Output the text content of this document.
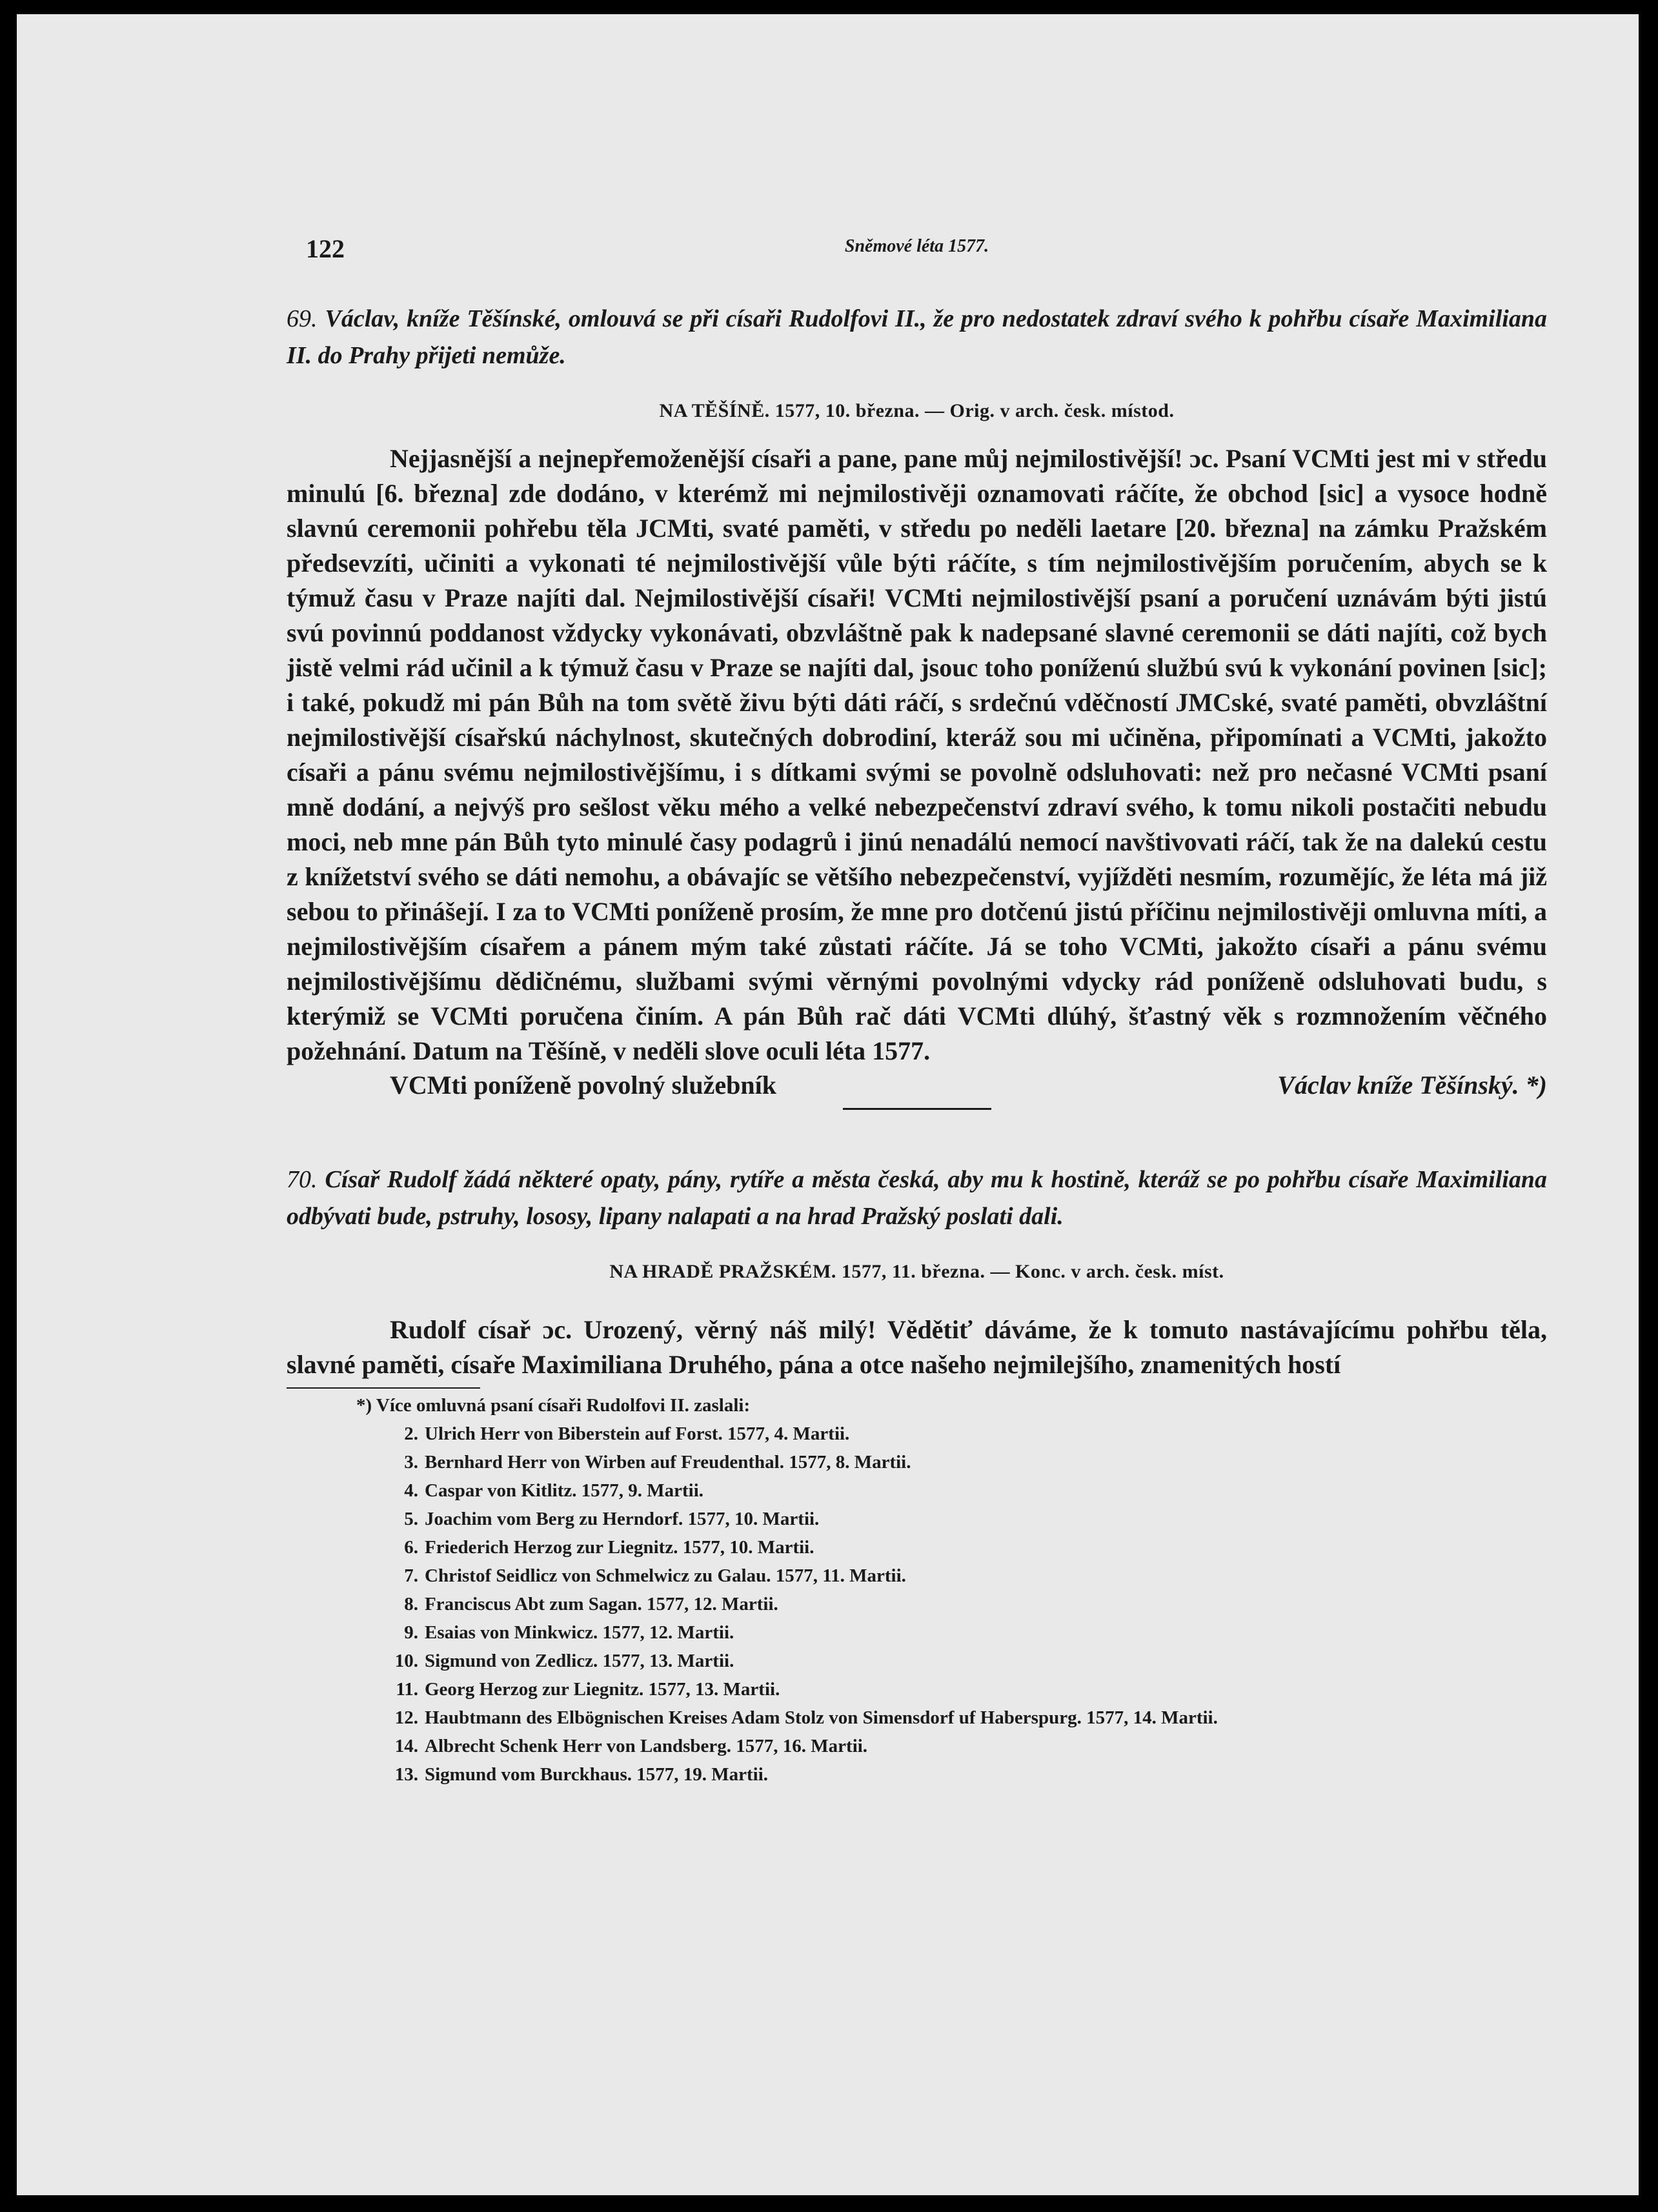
122	Sněmové léta 1577.
69. Václav, kníže Těšínské, omlouvá se při císaři Rudolfovi II., že pro nedostatek zdraví svého k pohřbu císaře Maximiliana II. do Prahy přijeti nemůže.
NA TĚŠÍNĚ. 1577, 10. března. — Orig. v arch. česk. místod.

Nejjasnější a nejnepřemoženější císaři a pane, pane můj nejmilostivější! ɔc. Psaní VCMti jest mi v středu minulú [6. března] zde dodáno, v kterémž mi nejmilostivěji oznamovati ráčíte, že obchod [sic] a vysoce hodně slavnú ceremonii pohřebu těla JCMti, svaté paměti, v středu po neděli laetare [20. března] na zámku Pražském předsevzíti, učiniti a vykonati té nejmilostivější vůle býti ráčíte, s tím nejmilostivějším poručením, abych se k týmuž času v Praze najíti dal. Nejmilostivější císaři! VCMti nejmilostivější psaní a poručení uznávám býti jistú svú povinnú poddanost vždycky vykonávati, obzvláštně pak k nadepsané slavné ceremonii se dáti najíti, což bych jistě velmi rád učinil a k týmuž času v Praze se najíti dal, jsouc toho poníženú službú svú k vykonání povinen [sic]; i také, pokudž mi pán Bůh na tom světě živu býti dáti ráčí, s srdečnú vděčností JMCské, svaté paměti, obvzláštní nejmilostivější císařskú náchylnost, skutečných dobrodiní, kteráž sou mi učiněna, připomínati a VCMti, jakožto císaři a pánu svému nejmilostivějšímu, i s dítkami svými se povolně odsluhovati: než pro nečasné VCMti psaní mně dodání, a nejvýš pro sešlost věku mého a velké nebezpečenství zdraví svého, k tomu nikoli postačiti nebudu moci, neb mne pán Bůh tyto minulé časy podagrů i jinú nenadálú nemocí navštivovati ráčí, tak že na dalekú cestu z knížetství svého se dáti nemohu, a obávajíc se většího nebezpečenství, vyjížděti nesmím, rozumějíc, že léta má již sebou to přinášejí. I za to VCMti poníženě prosím, že mne pro dotčenú jistú příčinu nejmilostivěji omluvna míti, a nejmilostivějším císařem a pánem mým také zůstati ráčíte. Já se toho VCMti, jakožto císaři a pánu svému nejmilostivějšímu dědičnému, službami svými věrnými povolnými vdycky rád poníženě odsluhovati budu, s kterýmiž se VCMti poručena činím. A pán Bůh rač dáti VCMti dlúhý, šťastný věk s rozmnožením věčného požehnání. Datum na Těšíně, v neděli slove oculi léta 1577.

VCMti poníženě povolný služebník	Václav kníže Těšínský. *)
70. Císař Rudolf žádá některé opaty, pány, rytíře a města česká, aby mu k hostině, kteráž se po pohřbu císaře Maximiliana odbývati bude, pstruhy, lososy, lipany nalapati a na hrad Pražský poslati dali.
NA HRADĚ PRAŽSKÉM. 1577, 11. března. — Konc. v arch. česk. míst.

Rudolf císař ɔc. Urozený, věrný náš milý! Vědětiť dáváme, že k tomuto nastávajícímu pohřbu těla, slavné paměti, císaře Maximiliana Druhého, pána a otce našeho nejmilejšího, znamenitých hostí

*) Více omluvná psaní císaři Rudolfovi II. zaslali:
2. Ulrich Herr von Biberstein auf Forst. 1577, 4. Martii.
3. Bernhard Herr von Wirben auf Freudenthal. 1577, 8. Martii.
4. Caspar von Kitlitz. 1577, 9. Martii.
5. Joachim vom Berg zu Herndorf. 1577, 10. Martii.
6. Friederich Herzog zur Liegnitz. 1577, 10. Martii.
7. Christof Seidlicz von Schmelwicz zu Galau. 1577, 11. Martii.
8. Franciscus Abt zum Sagan. 1577, 12. Martii.
9. Esaias von Minkwicz. 1577, 12. Martii.
10. Sigmund von Zedlicz. 1577, 13. Martii.
11. Georg Herzog zur Liegnitz. 1577, 13. Martii.
12. Haubtmann des Elbögnischen Kreises Adam Stolz von Simensdorf uf Haberspurg. 1577, 14. Martii.
14. Albrecht Schenk Herr von Landsberg. 1577, 16. Martii.
13. Sigmund vom Burckhaus. 1577, 19. Martii.
